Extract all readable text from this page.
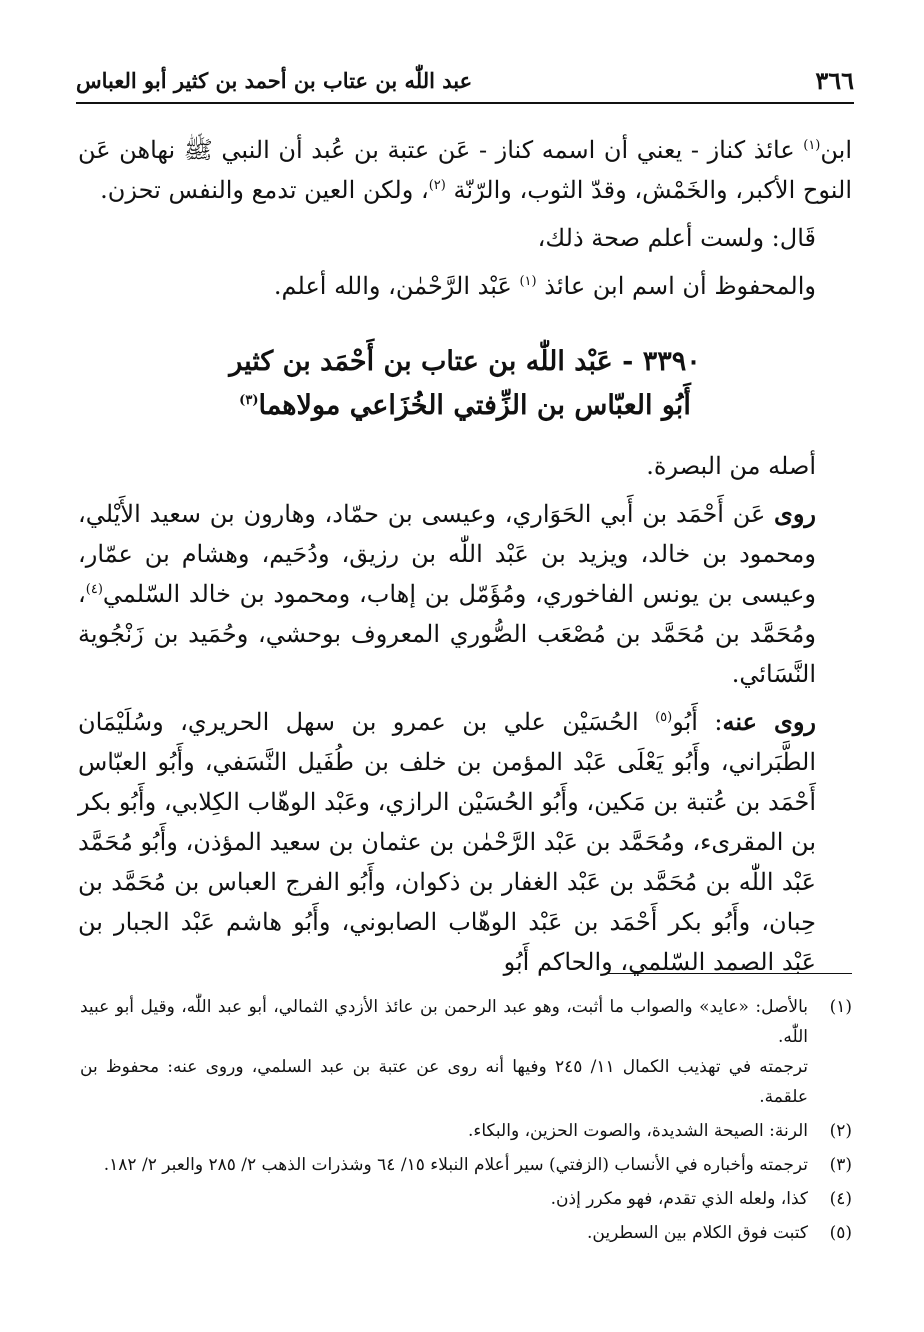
٣٦٦
عبد اللّٰه بن عتاب بن أحمد بن كثير أبو العباس

ابن$^{(١)}$ عائذ كناز - يعني أن اسمه كناز - عَن عتبة بن عُبد أن النبي ﷺ نهاهن عَن النوح الأكبر، والخَمْش، وقدّ الثوب، والرّنّة $^{(٢)}$، ولكن العين تدمع والنفس تحزن.

قَال: ولست أعلم صحة ذلك،

والمحفوظ أن اسم ابن عائذ $^{(١)}$ عَبْد الرَّحْمٰن، والله أعلم.

٣٣٩٠ - عَبْد اللّٰه بن عتاب بن أَحْمَد بن كثير
أَبُو العبّاس بن الزِّفتي الخُزَاعي مولاهما$^{(٣)}$

أصله من البصرة.

روى عَن أَحْمَد بن أَبي الحَوَاري، وعيسى بن حمّاد، وهارون بن سعيد الأَيْلي، ومحمود بن خالد، ويزيد بن عَبْد اللّٰه بن رزيق، ودُحَيم، وهشام بن عمّار، وعيسى بن يونس الفاخوري، ومُؤَمّل بن إهاب، ومحمود بن خالد السّلمي$^{(٤)}$، ومُحَمَّد بن مُحَمَّد بن مُصْعَب الصُّوري المعروف بوحشي، وحُمَيد بن زَنْجُوية النَّسَائي.

روى عنه: أَبُو$^{(٥)}$ الحُسَيْن علي بن عمرو بن سهل الحريري، وسُلَيْمَان الطَّبَراني، وأَبُو يَعْلَى عَبْد المؤمن بن خلف بن طُفَيل النَّسَفي، وأَبُو العبّاس أَحْمَد بن عُتبة بن مَكين، وأَبُو الحُسَيْن الرازي، وعَبْد الوهّاب الكِلابي، وأَبُو بكر بن المقرىء، ومُحَمَّد بن عَبْد الرَّحْمٰن بن عثمان بن سعيد المؤذن، وأَبُو مُحَمَّد عَبْد اللّٰه بن مُحَمَّد بن عَبْد الغفار بن ذكوان، وأَبُو الفرج العباس بن مُحَمَّد بن حِبان، وأَبُو بكر أَحْمَد بن عَبْد الوهّاب الصابوني، وأَبُو هاشم عَبْد الجبار بن عَبْد الصمد السّلمي، والحاكم أَبُو

(١)

بالأصل: «عايد» والصواب ما أثبت، وهو عبد الرحمن بن عائذ الأزدي الثمالي، أبو عبد اللّٰه، وقيل أبو عبيد اللّٰه.

ترجمته في تهذيب الكمال ١١/ ٢٤٥ وفيها أنه روى عن عتبة بن عبد السلمي، وروى عنه: محفوظ بن علقمة.

(٢)

الرنة: الصيحة الشديدة، والصوت الحزين، والبكاء.

(٣)

ترجمته وأخباره في الأنساب (الزفتي) سير أعلام النبلاء ١٥/ ٦٤ وشذرات الذهب ٢/ ٢٨٥ والعبر ٢/ ١٨٢.

(٤)

كذا، ولعله الذي تقدم، فهو مكرر إذن.

(٥)

كتبت فوق الكلام بين السطرين.
